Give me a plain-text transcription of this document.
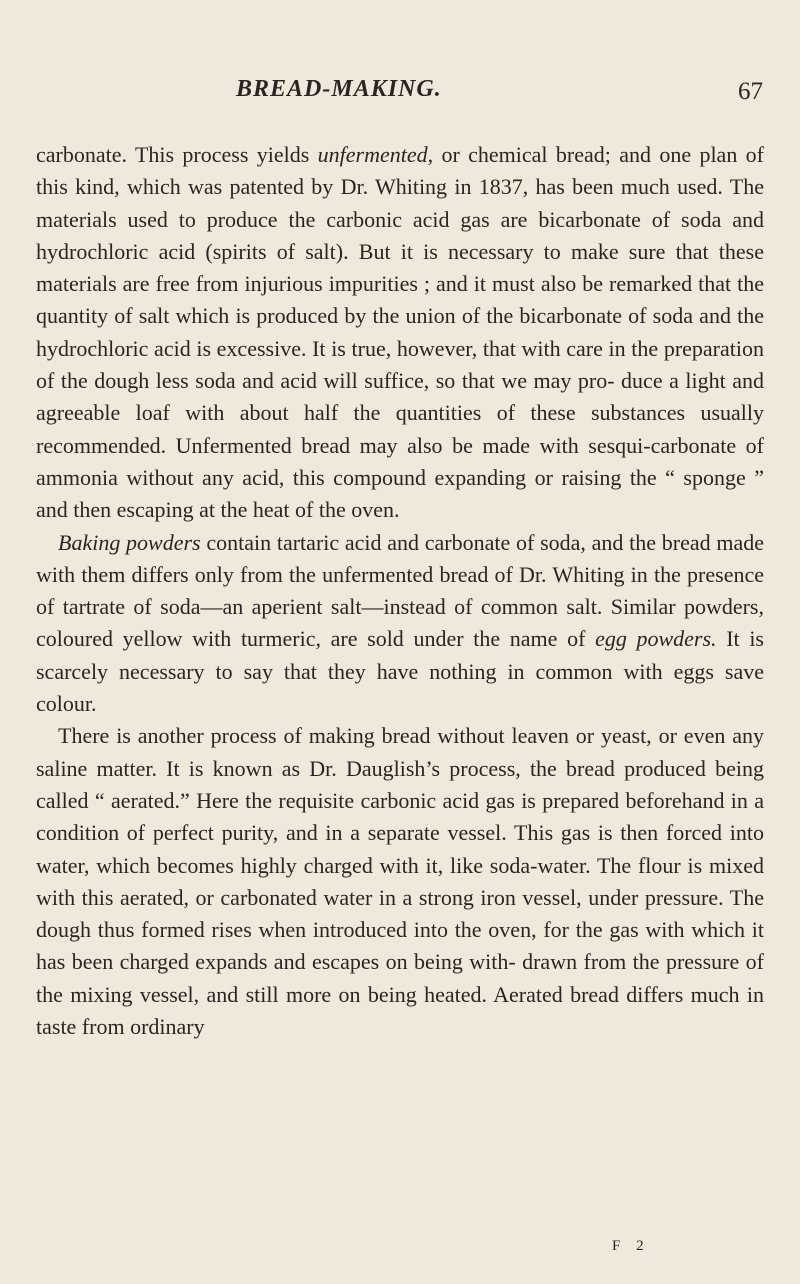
BREAD-MAKING.	67

carbonate. This process yields unfermented, or chemical bread; and one plan of this kind, which was patented by Dr. Whiting in 1837, has been much used. The materials used to produce the carbonic acid gas are bicarbonate of soda and hydrochloric acid (spirits of salt). But it is necessary to make sure that these materials are free from injurious impurities ; and it must also be remarked that the quantity of salt which is produced by the union of the bicarbonate of soda and the hydrochloric acid is excessive. It is true, however, that with care in the preparation of the dough less soda and acid will suffice, so that we may pro- duce a light and agreeable loaf with about half the quantities of these substances usually recommended. Unfermented bread may also be made with sesqui-carbonate of ammonia without any acid, this compound expanding or raising the “ sponge ” and then escaping at the heat of the oven.

Baking powders contain tartaric acid and carbonate of soda, and the bread made with them differs only from the unfermented bread of Dr. Whiting in the presence of tartrate of soda—an aperient salt—instead of common salt. Similar powders, coloured yellow with turmeric, are sold under the name of egg powders. It is scarcely necessary to say that they have nothing in common with eggs save colour.

There is another process of making bread without leaven or yeast, or even any saline matter. It is known as Dr. Dauglish’s process, the bread produced being called “ aerated.” Here the requisite carbonic acid gas is prepared beforehand in a condition of perfect purity, and in a separate vessel. This gas is then forced into water, which becomes highly charged with it, like soda-water. The flour is mixed with this aerated, or carbonated water in a strong iron vessel, under pressure. The dough thus formed rises when introduced into the oven, for the gas with which it has been charged expands and escapes on being with- drawn from the pressure of the mixing vessel, and still more on being heated. Aerated bread differs much in taste from ordinary

F 2
